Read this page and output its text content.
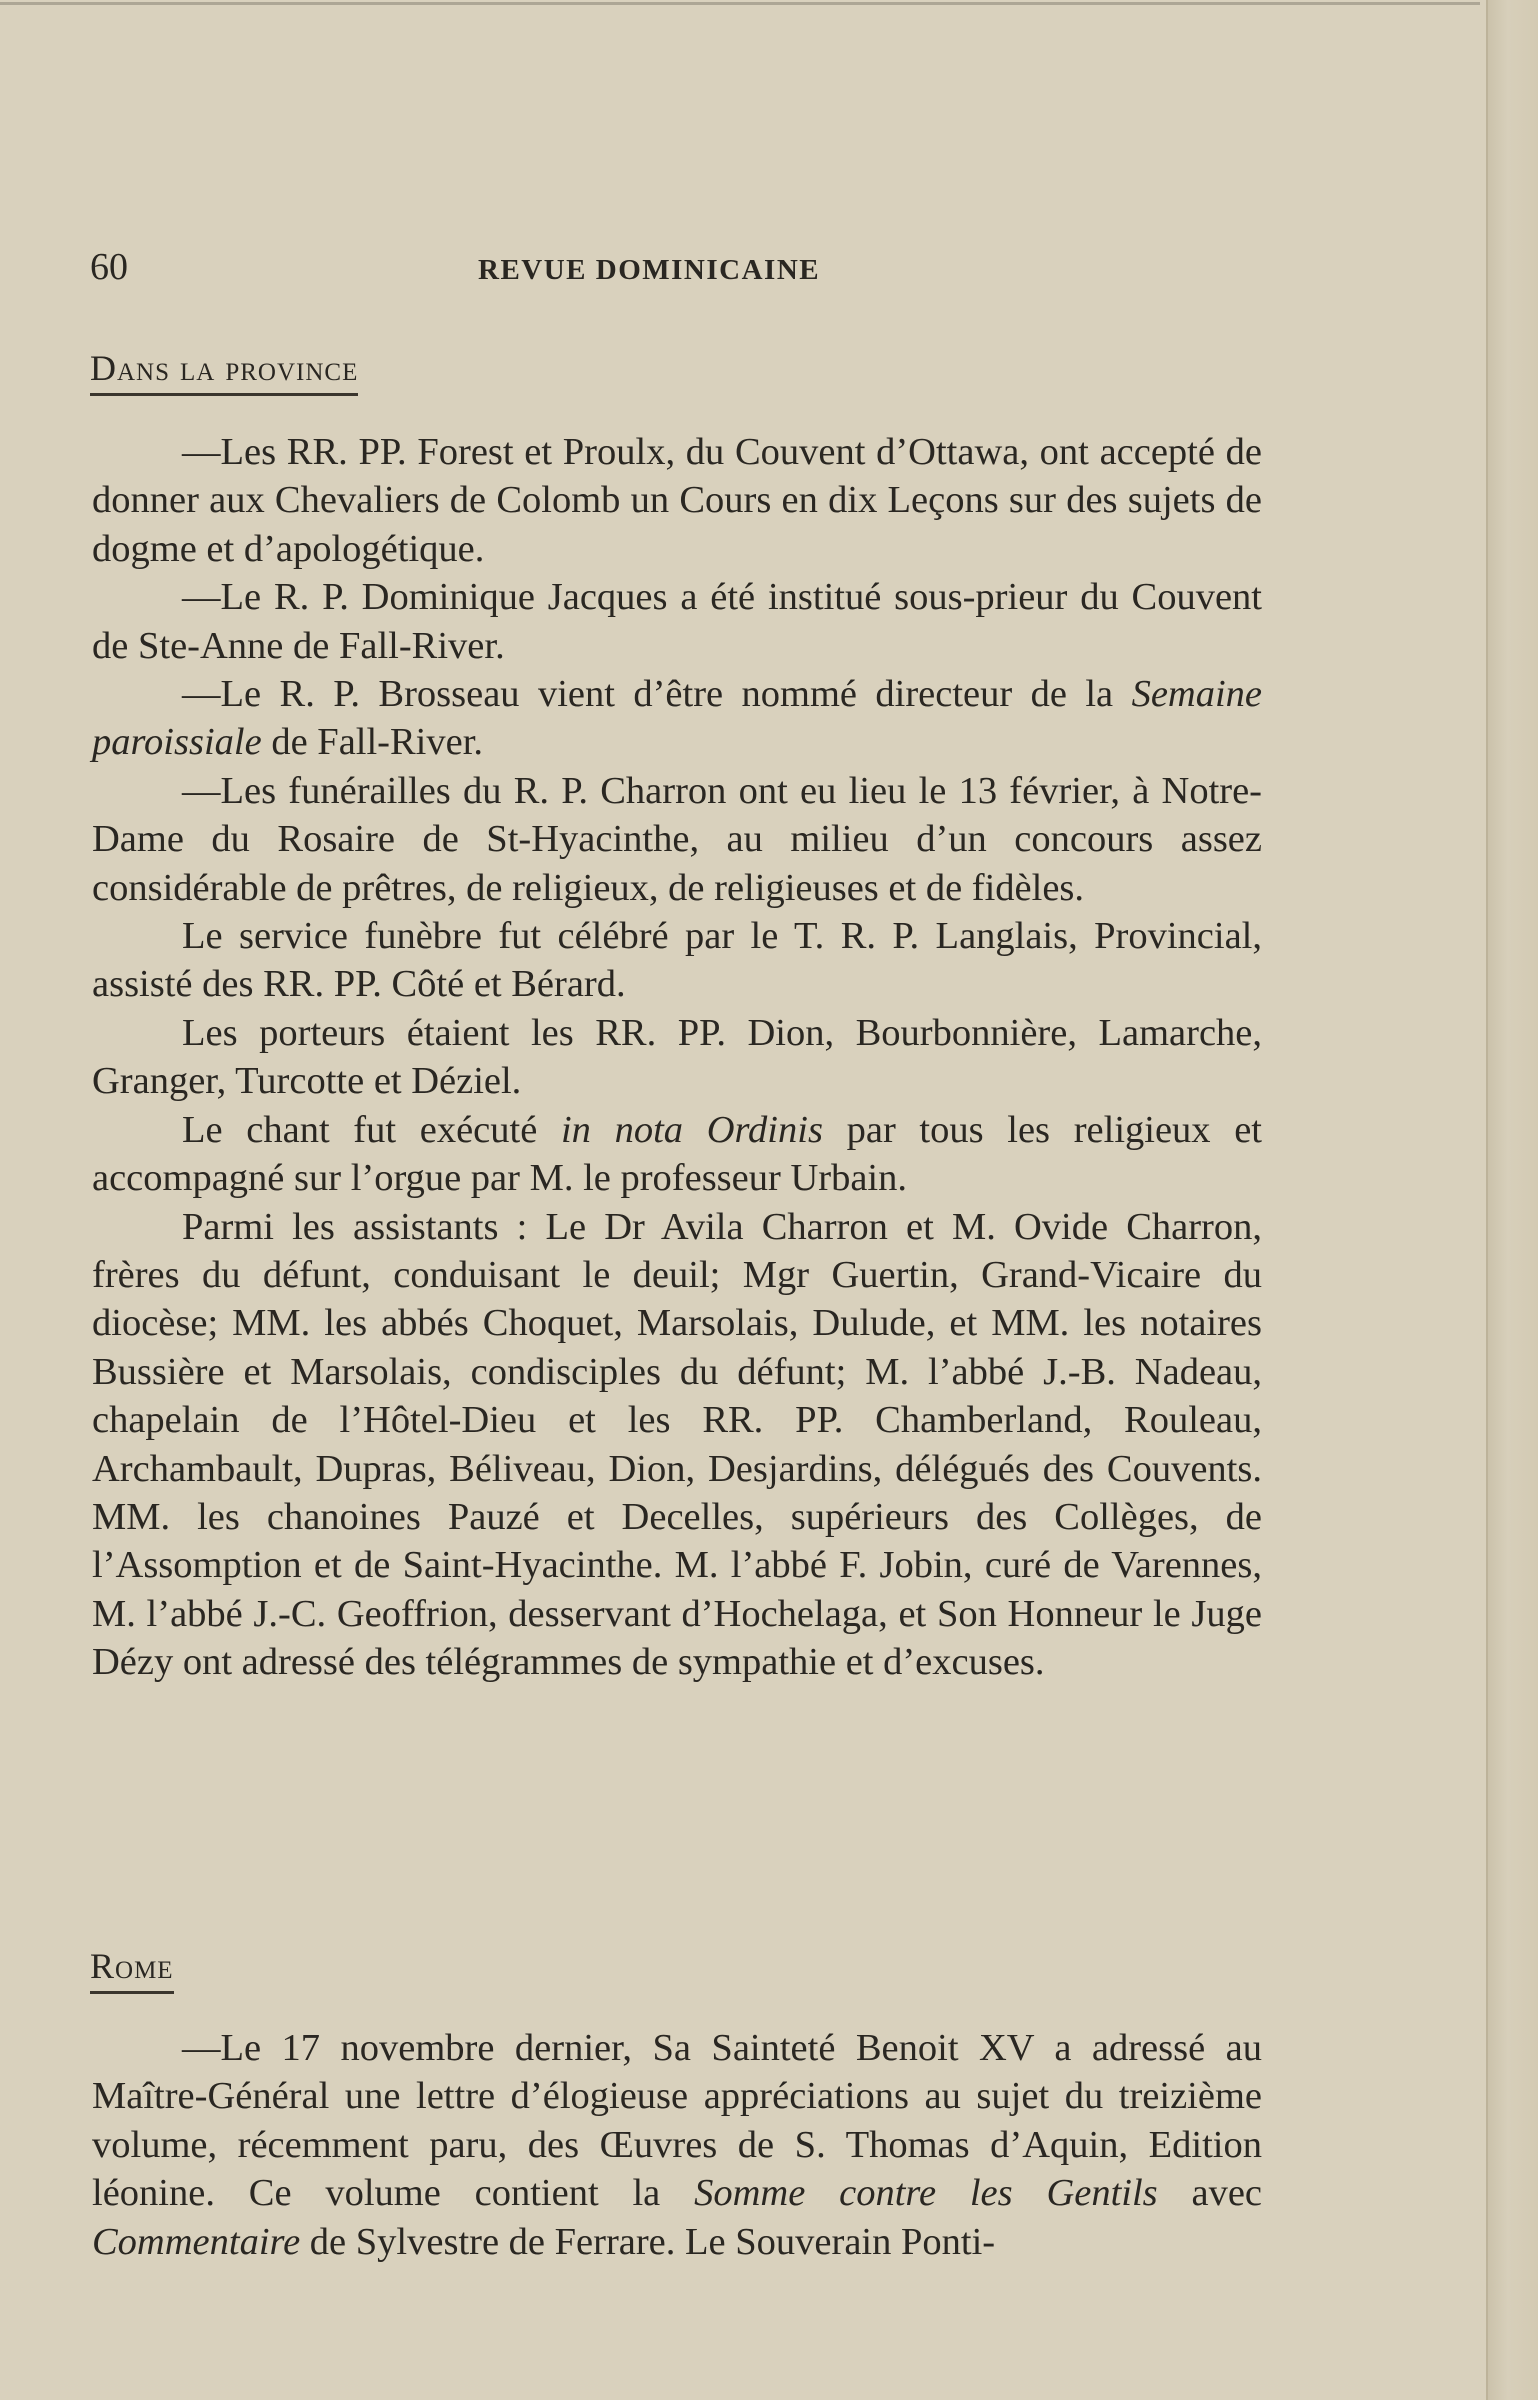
60	REVUE DOMINICAINE
Dans la province

—Les RR. PP. Forest et Proulx, du Couvent d’Ottawa, ont accepté de donner aux Chevaliers de Colomb un Cours en dix Leçons sur des sujets de dogme et d’apologétique.

—Le R. P. Dominique Jacques a été institué sous-prieur du Couvent de Ste-Anne de Fall-River.

—Le R. P. Brosseau vient d’être nommé directeur de la Semaine paroissiale de Fall-River.

—Les funérailles du R. P. Charron ont eu lieu le 13 février, à Notre-Dame du Rosaire de St-Hyacinthe, au milieu d’un concours assez considérable de prêtres, de religieux, de religieuses et de fidèles.

Le service funèbre fut célébré par le T. R. P. Langlais, Provincial, assisté des RR. PP. Côté et Bérard.

Les porteurs étaient les RR. PP. Dion, Bourbonnière, Lamarche, Granger, Turcotte et Déziel.

Le chant fut exécuté in nota Ordinis par tous les religieux et accompagné sur l’orgue par M. le professeur Urbain.

Parmi les assistants : Le Dr Avila Charron et M. Ovide Charron, frères du défunt, conduisant le deuil; Mgr Guertin, Grand-Vicaire du diocèse; MM. les abbés Choquet, Marsolais, Dulude, et MM. les notaires Bussière et Marsolais, condisciples du défunt; M. l’abbé J.-B. Nadeau, chapelain de l’Hôtel-Dieu et les RR. PP. Chamberland, Rouleau, Archambault, Dupras, Béliveau, Dion, Desjardins, délégués des Couvents. MM. les chanoines Pauzé et Decelles, supérieurs des Collèges, de l’Assomption et de Saint-Hyacinthe. M. l’abbé F. Jobin, curé de Varennes, M. l’abbé J.-C. Geoffrion, desservant d’Hochelaga, et Son Honneur le Juge Dézy ont adressé des télégrammes de sympathie et d’excuses.

Rome

—Le 17 novembre dernier, Sa Sainteté Benoit XV a adressé au Maître-Général une lettre d’élogieuse appréciations au sujet du treizième volume, récemment paru, des Œuvres de S. Thomas d’Aquin, Edition léonine. Ce volume contient la Somme contre les Gentils avec Commentaire de Sylvestre de Ferrare. Le Souverain Ponti-
